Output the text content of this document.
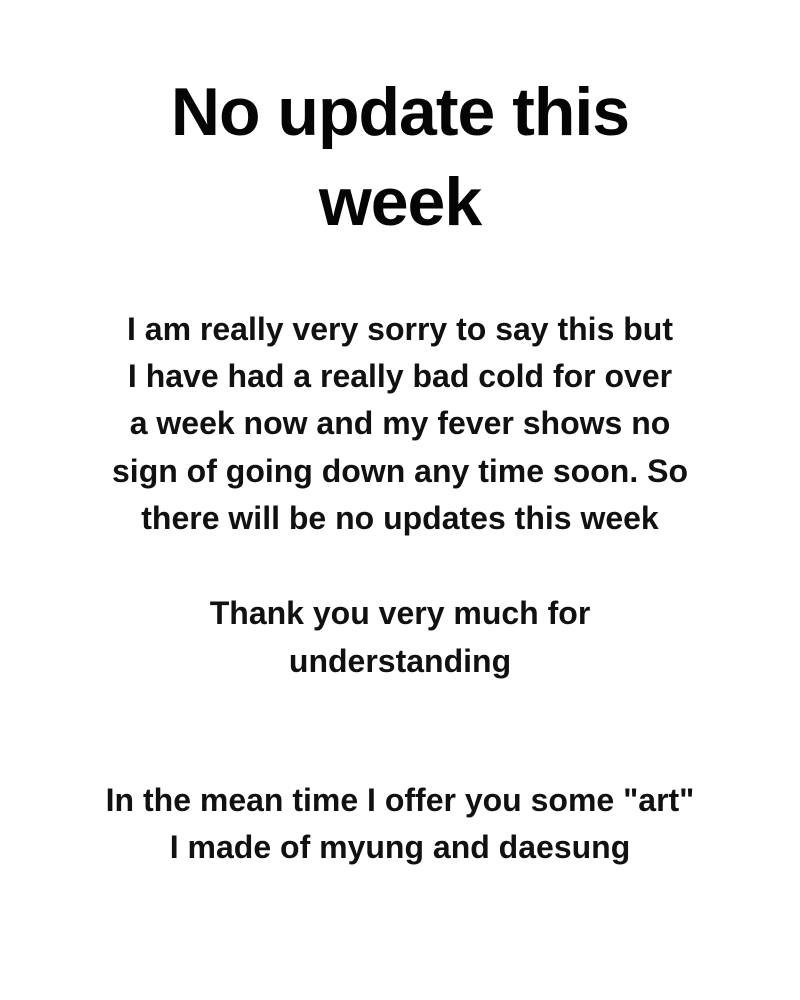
No update this week
I am really very sorry to say this but
I have had a really bad cold for over
a week now and my fever shows no
sign of going down any time soon. So
there will be no updates this week
Thank you very much for
understanding
In the mean time I offer you some "art"
I made of myung and daesung
